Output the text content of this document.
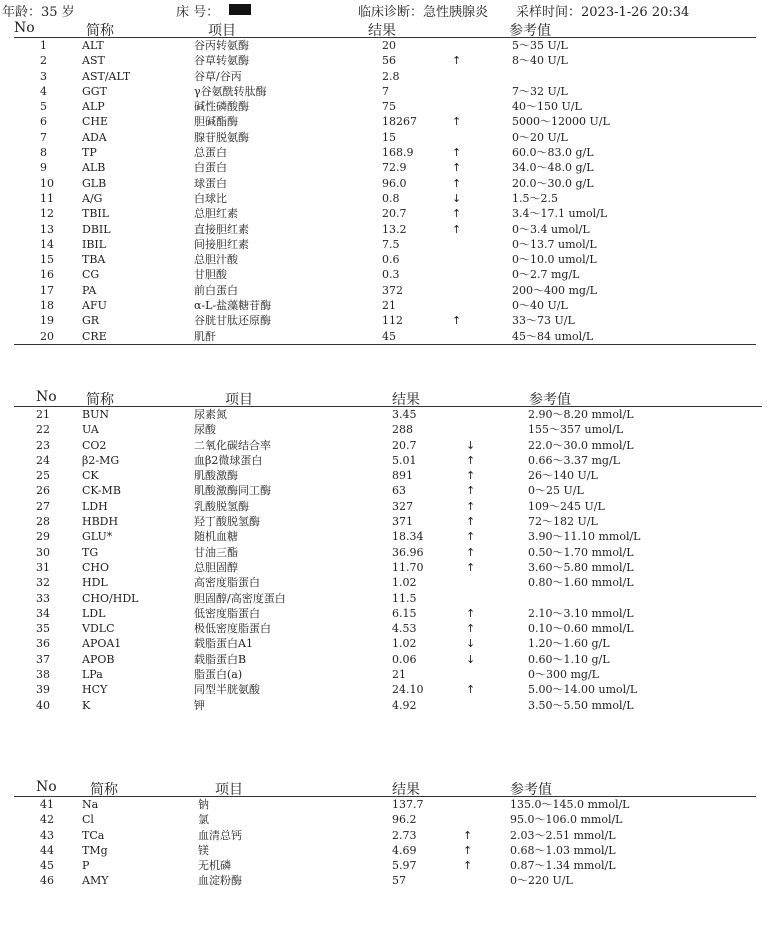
年龄：35 岁	床 号：	临床诊断：急性胰腺炎 采样时间：2023-1-26 20:34
No	简称	项目	结果	参考值
1	ALT	谷丙转氨酶	20	5～35 U/L
2	AST	谷草转氨酶	56	↑	8～40 U/L
3	AST/ALT	谷草/谷丙	2.8
4	GGT	γ谷氨酰转肽酶	7	7～32 U/L
5	ALP	碱性磷酸酶	75	40～150 U/L
6	CHE	胆碱酯酶	18267	↑	5000～12000 U/L
7	ADA	腺苷脱氨酶	15	0～20 U/L
8	TP	总蛋白	168.9	↑	60.0～83.0 g/L
9	ALB	白蛋白	72.9	↑	34.0～48.0 g/L
10	GLB	球蛋白	96.0	↑	20.0～30.0 g/L
11	A/G	白球比	0.8	↓	1.5～2.5
12	TBIL	总胆红素	20.7	↑	3.4～17.1 umol/L
13	DBIL	直接胆红素	13.2	↑	0～3.4 umol/L
14	IBIL	间接胆红素	7.5	0～13.7 umol/L
15	TBA	总胆汁酸	0.6	0～10.0 umol/L
16	CG	甘胆酸	0.3	0～2.7 mg/L
17	PA	前白蛋白	372	200～400 mg/L
18	AFU	α-L-盐藻糖苷酶	21	0～40 U/L
19	GR	谷胱甘肽还原酶	112	↑	33～73 U/L
20	CRE	肌酐	45	45～84 umol/L
No 简称	项目	结果	参考值
21	BUN	尿素氮	3.45	2.90～8.20 mmol/L
22	UA	尿酸	288	155～357 umol/L
23	CO2	二氧化碳结合率	20.7	↓	22.0～30.0 mmol/L
24	β2-MG	血β2微球蛋白	5.01	↑	0.66～3.37 mg/L
25	CK	肌酸激酶	891	↑	26～140 U/L
26	CK-MB	肌酸激酶同工酶	63	↑	0～25 U/L
27	LDH	乳酸脱氢酶	327	↑	109～245 U/L
28	HBDH	羟丁酸脱氢酶	371	↑	72～182 U/L
29	GLU*	随机血糖	18.34	↑	3.90～11.10 mmol/L
30	TG	甘油三酯	36.96	↑	0.50～1.70 mmol/L
31	CHO	总胆固醇	11.70	↑	3.60～5.80 mmol/L
32	HDL	高密度脂蛋白	1.02	0.80～1.60 mmol/L
33	CHO/HDL	胆固醇/高密度蛋白	11.5
34	LDL	低密度脂蛋白	6.15	↑	2.10～3.10 mmol/L
35	VDLC	极低密度脂蛋白	4.53	↑	0.10～0.60 mmol/L
36	APOA1	载脂蛋白A1	1.02	↓	1.20～1.60 g/L
37	APOB	载脂蛋白B	0.06	↓	0.60～1.10 g/L
38	LPa	脂蛋白(a)	21	0～300 mg/L
39	HCY	同型半胱氨酸	24.10	↑	5.00～14.00 umol/L
40	K	钾	4.92	3.50～5.50 mmol/L
No 简称	项目	结果	参考值
41	Na	钠	137.7	135.0～145.0 mmol/L
42	Cl	氯	96.2	95.0～106.0 mmol/L
43	TCa	血清总钙	2.73	↑	2.03～2.51 mmol/L
44	TMg	镁	4.69	↑	0.68～1.03 mmol/L
45	P	无机磷	5.97	↑	0.87～1.34 mmol/L
46	AMY	血淀粉酶	57	0～220 U/L
